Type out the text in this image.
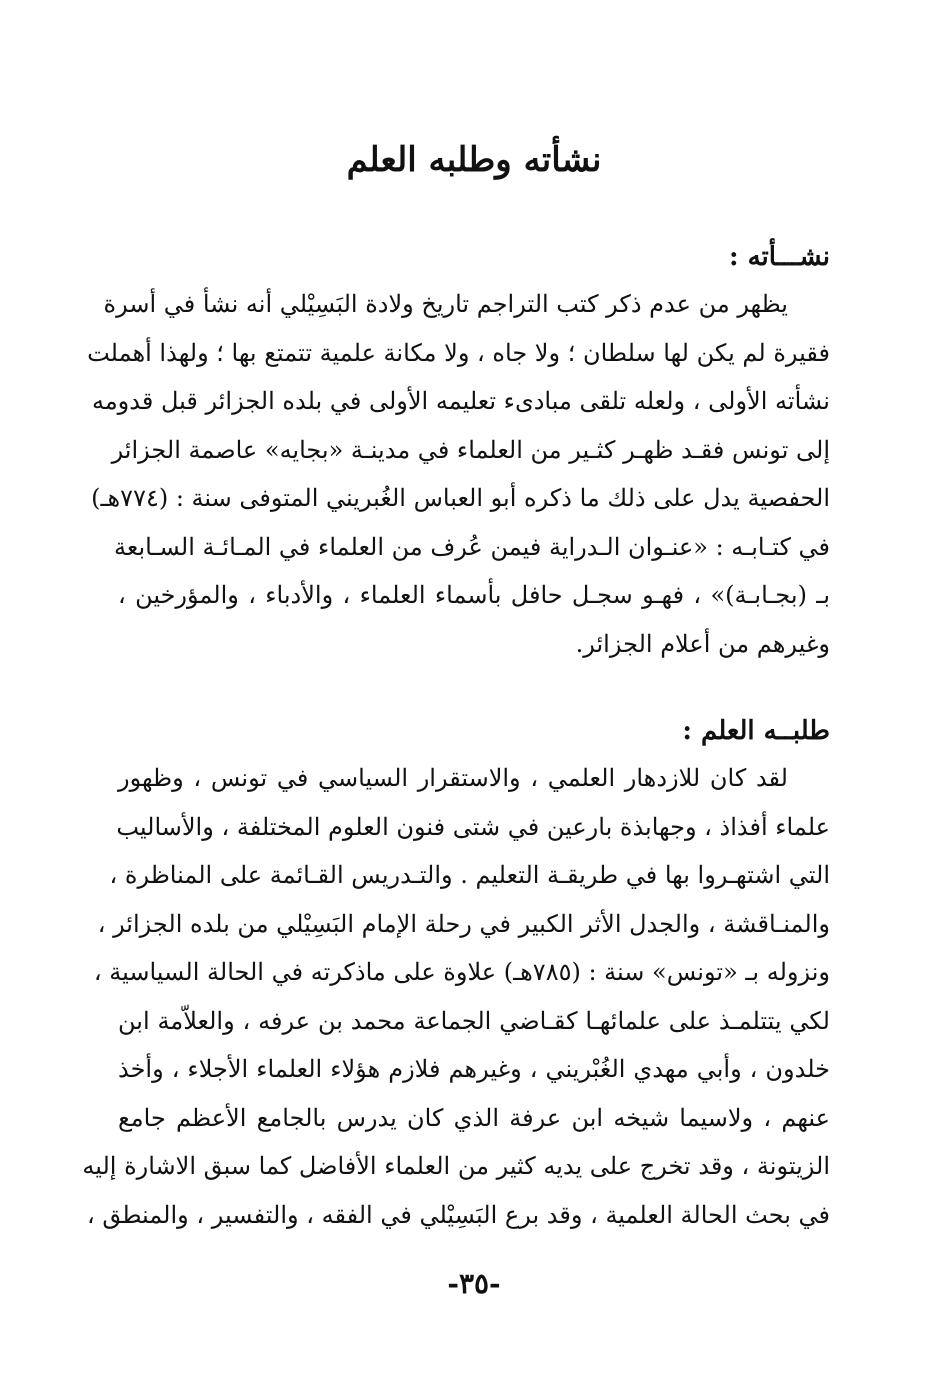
نشأته وطلبه العلم
نشـــأته :
يظهر من عدم ذكر كتب التراجم تاريخ ولادة البَسِيْلي أنه نشأ في أسرة
فقيرة لم يكن لها سلطان ؛ ولا جاه ، ولا مكانة علمية تتمتع بها ؛ ولهذا أهملت
نشأته الأولى ، ولعله تلقى مبادىء تعليمه الأولى في بلده الجزائر قبل قدومه
إلى تونس فقـد ظهـر كثـير من العلماء في مدينـة «بجايه» عاصمة الجزائر
الحفصية يدل على ذلك ما ذكره أبو العباس الغُبريني المتوفى سنة : (٧٧٤هـ)
في كتـابـه : «عنـوان الـدراية فيمن عُرف من العلماء في المـائـة السـابعة
بـ (بجـابـة)» ، فهـو سجـل حافل بأسماء العلماء ، والأدباء ، والمؤرخين ،
وغيرهم من أعلام الجزائر.
طلبــه العلم :
لقد كان للازدهار العلمي ، والاستقرار السياسي في تونس ، وظهور
علماء أفذاذ ، وجهابذة بارعين في شتى فنون العلوم المختلفة ، والأساليب
التي اشتهـروا بها في طريقـة التعليم . والتـدريس القـائمة على المناظرة ،
والمنـاقشة ، والجدل الأثر الكبير في رحلة الإمام البَسِيْلي من بلده الجزائر ،
ونزوله بـ «تونس» سنة : (٧٨٥هـ) علاوة على ماذكرته في الحالة السياسية ،
لكي يتتلمـذ على علمائهـا كقـاضي الجماعة محمد بن عرفه ، والعلاّمة ابن
خلدون ، وأبي مهدي الغُبْريني ، وغيرهم فلازم هؤلاء العلماء الأجلاء ، وأخذ
عنهم ، ولاسيما شيخه ابن عرفة الذي كان يدرس بالجامع الأعظم جامع
الزيتونة ، وقد تخرج على يديه كثير من العلماء الأفاضل كما سبق الاشارة إليه
في بحث الحالة العلمية ، وقد برع البَسِيْلي في الفقه ، والتفسير ، والمنطق ،
-٣٥-
